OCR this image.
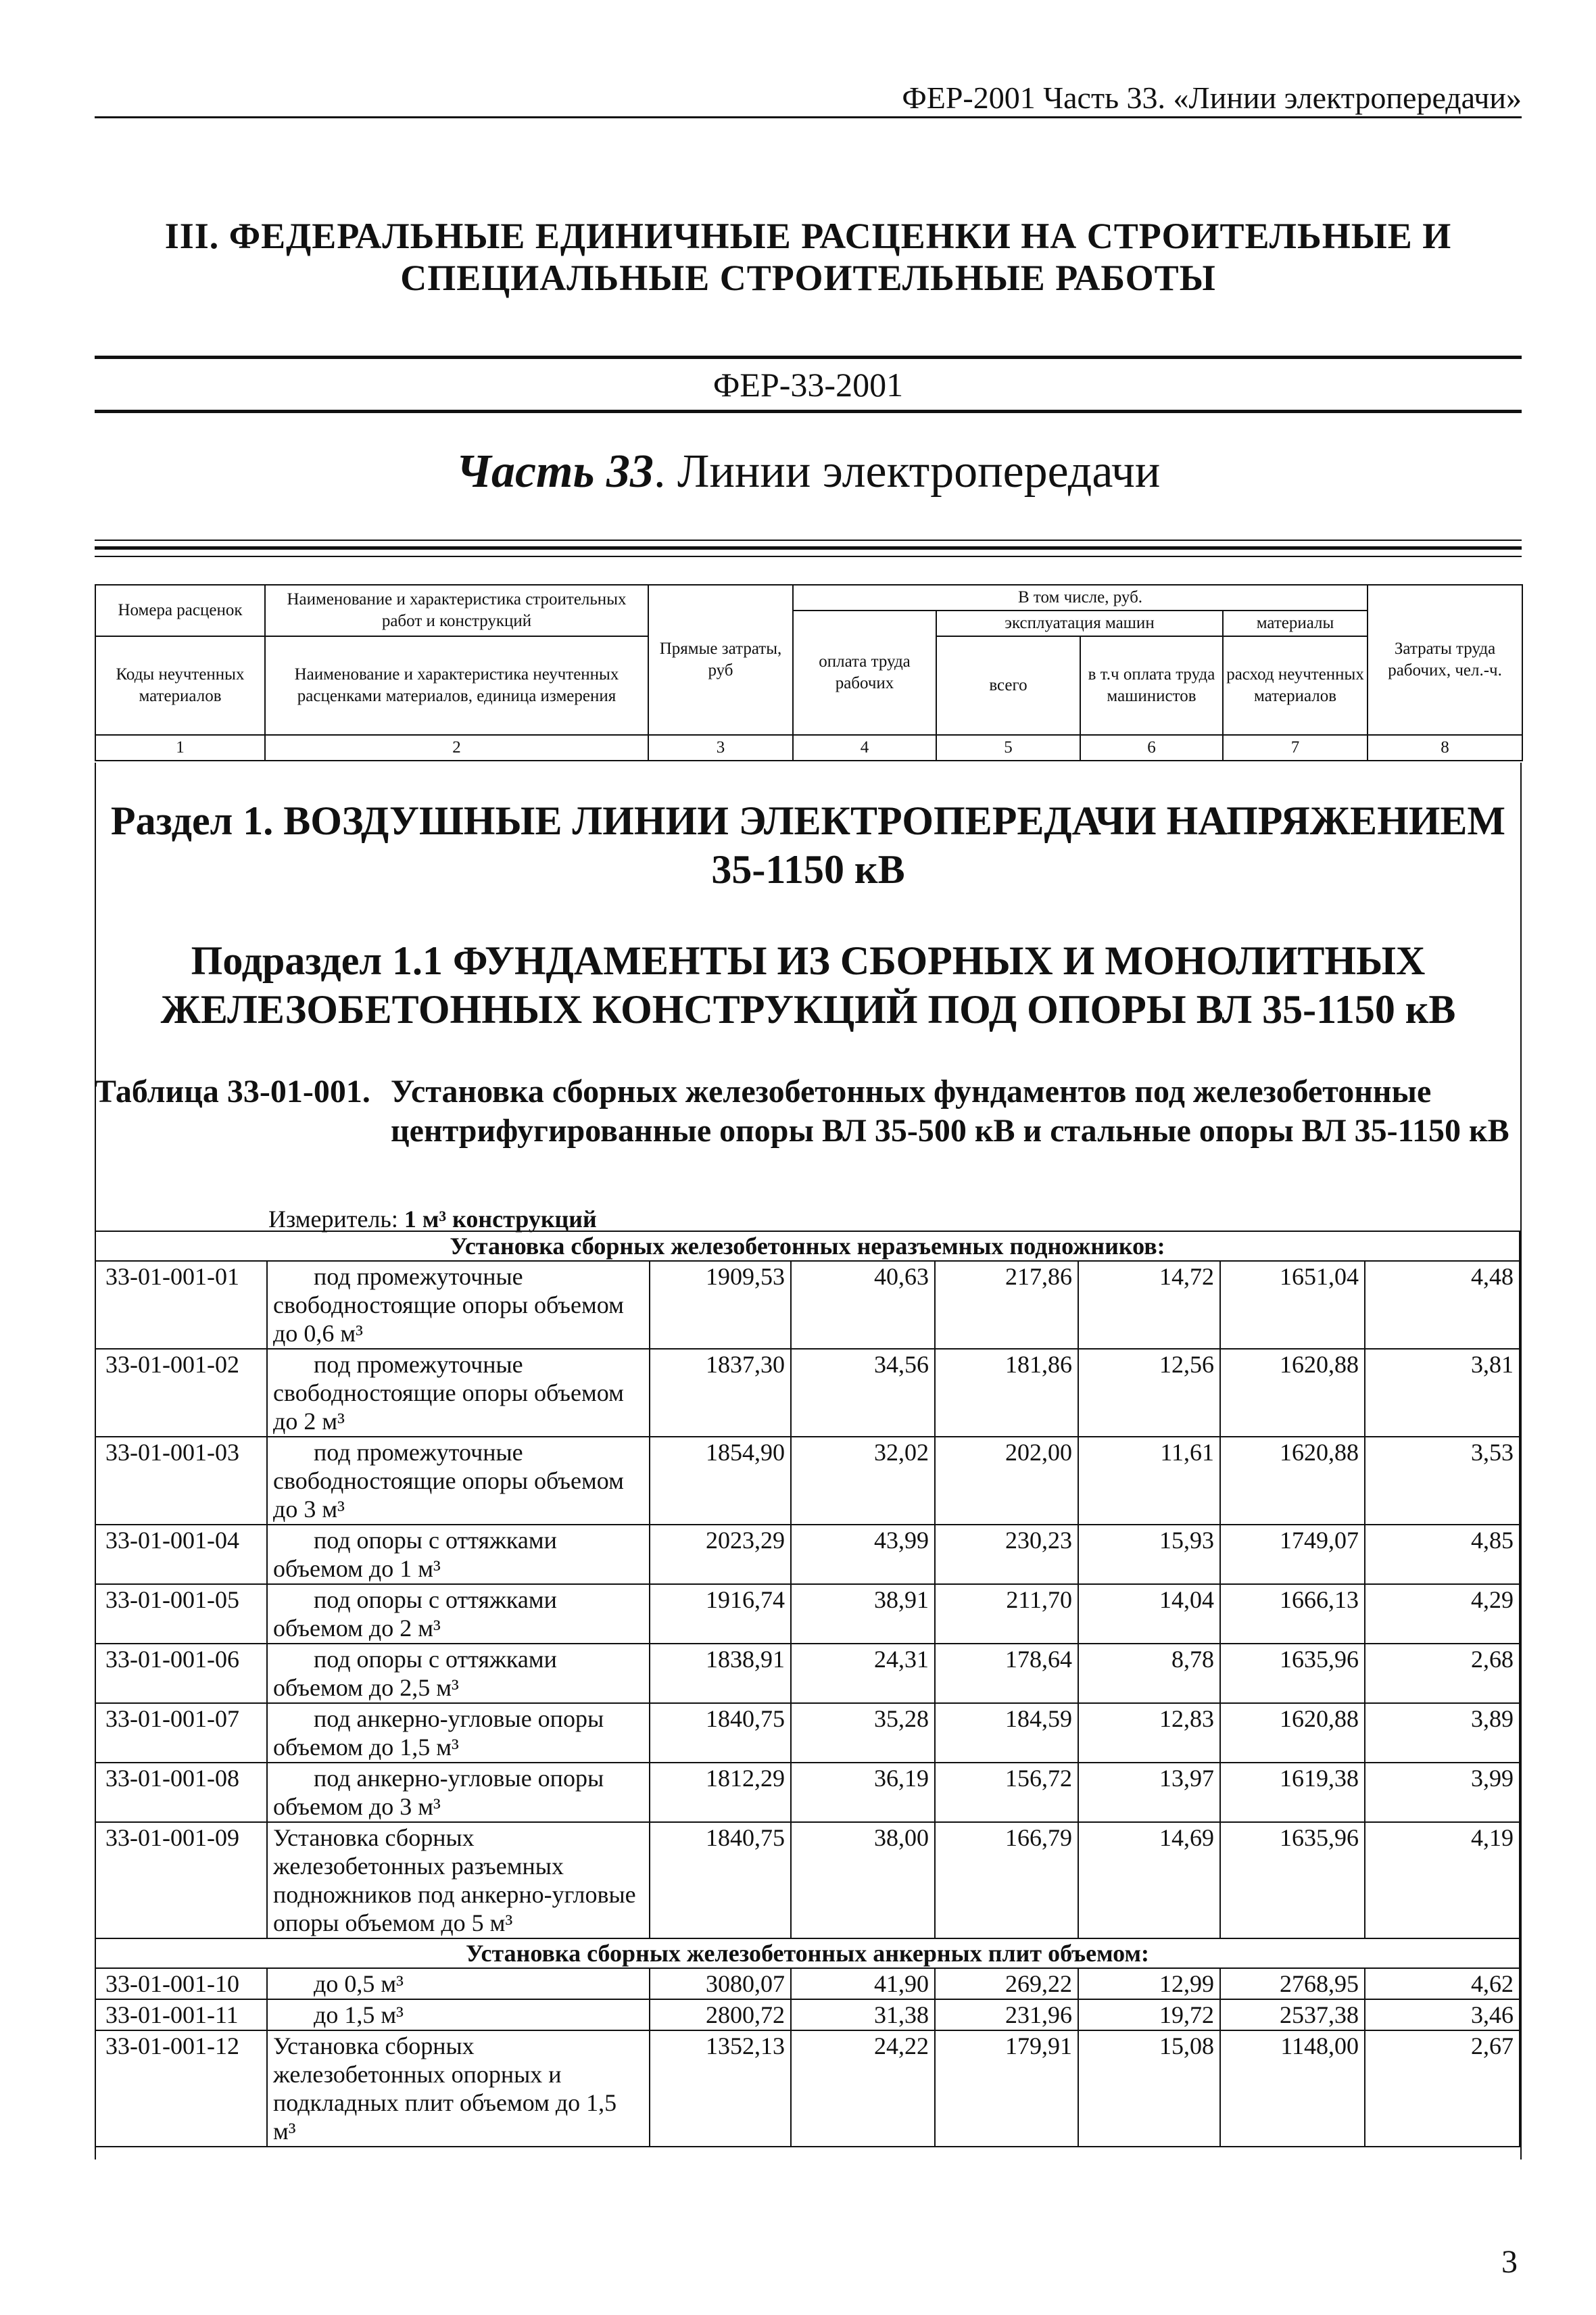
ФЕР-2001 Часть 33. «Линии электропередачи»
III. ФЕДЕРАЛЬНЫЕ ЕДИНИЧНЫЕ РАСЦЕНКИ НА СТРОИТЕЛЬНЫЕ И
СПЕЦИАЛЬНЫЕ СТРОИТЕЛЬНЫЕ РАБОТЫ
ФЕР-33-2001
Часть 33. Линии электропередачи
Номера расценок	Наименование и характеристика строительных работ и конструкций	Прямые затраты, руб	В том числе, руб.				Затраты труда рабочих, чел.-ч.
			оплата труда рабочих	эксплуатация машин		материалы	
Коды неучтенных материалов	Наименование и характеристика неучтенных расценками материалов, единица измерения			всего	в т.ч оплата труда машинистов	расход неучтенных материалов	

1	2	3	4	5	6	7	8
Раздел 1. ВОЗДУШНЫЕ ЛИНИИ ЭЛЕКТРОПЕРЕДАЧИ НАПРЯЖЕНИЕМ
35-1150 кВ
Подраздел 1.1 ФУНДАМЕНТЫ ИЗ СБОРНЫХ И МОНОЛИТНЫХ
ЖЕЛЕЗОБЕТОННЫХ КОНСТРУКЦИЙ ПОД ОПОРЫ ВЛ 35-1150 кВ
Таблица 33-01-001. Установка сборных железобетонных фундаментов под железобетонные центрифугированные опоры ВЛ 35-500 кВ и стальные опоры ВЛ 35-1150 кВ
Измеритель: 1 м³ конструкций
Установка сборных железобетонных неразъемных подножников:							
33-01-001-01	под промежуточные свободностоящие опоры объемом до 0,6 м³	1909,53	40,63	217,86	14,72	1651,04	4,48
33-01-001-02	под промежуточные свободностоящие опоры объемом до 2 м³	1837,30	34,56	181,86	12,56	1620,88	3,81
33-01-001-03	под промежуточные свободностоящие опоры объемом до 3 м³	1854,90	32,02	202,00	11,61	1620,88	3,53
33-01-001-04	под опоры с оттяжками объемом до 1 м³	2023,29	43,99	230,23	15,93	1749,07	4,85
33-01-001-05	под опоры с оттяжками объемом до 2 м³	1916,74	38,91	211,70	14,04	1666,13	4,29
33-01-001-06	под опоры с оттяжками объемом до 2,5 м³	1838,91	24,31	178,64	8,78	1635,96	2,68
33-01-001-07	под анкерно-угловые опоры объемом до 1,5 м³	1840,75	35,28	184,59	12,83	1620,88	3,89
33-01-001-08	под анкерно-угловые опоры объемом до 3 м³	1812,29	36,19	156,72	13,97	1619,38	3,99
33-01-001-09	Установка сборных железобетонных разъемных подножников под анкерно-угловые опоры объемом до 5 м³	1840,75	38,00	166,79	14,69	1635,96	4,19
Установка сборных железобетонных анкерных плит объемом:							
33-01-001-10	до 0,5 м³	3080,07	41,90	269,22	12,99	2768,95	4,62
33-01-001-11	до 1,5 м³	2800,72	31,38	231,96	19,72	2537,38	3,46
33-01-001-12	Установка сборных железобетонных опорных и подкладных плит объемом до 1,5 м³	1352,13	24,22	179,91	15,08	1148,00	2,67
3
